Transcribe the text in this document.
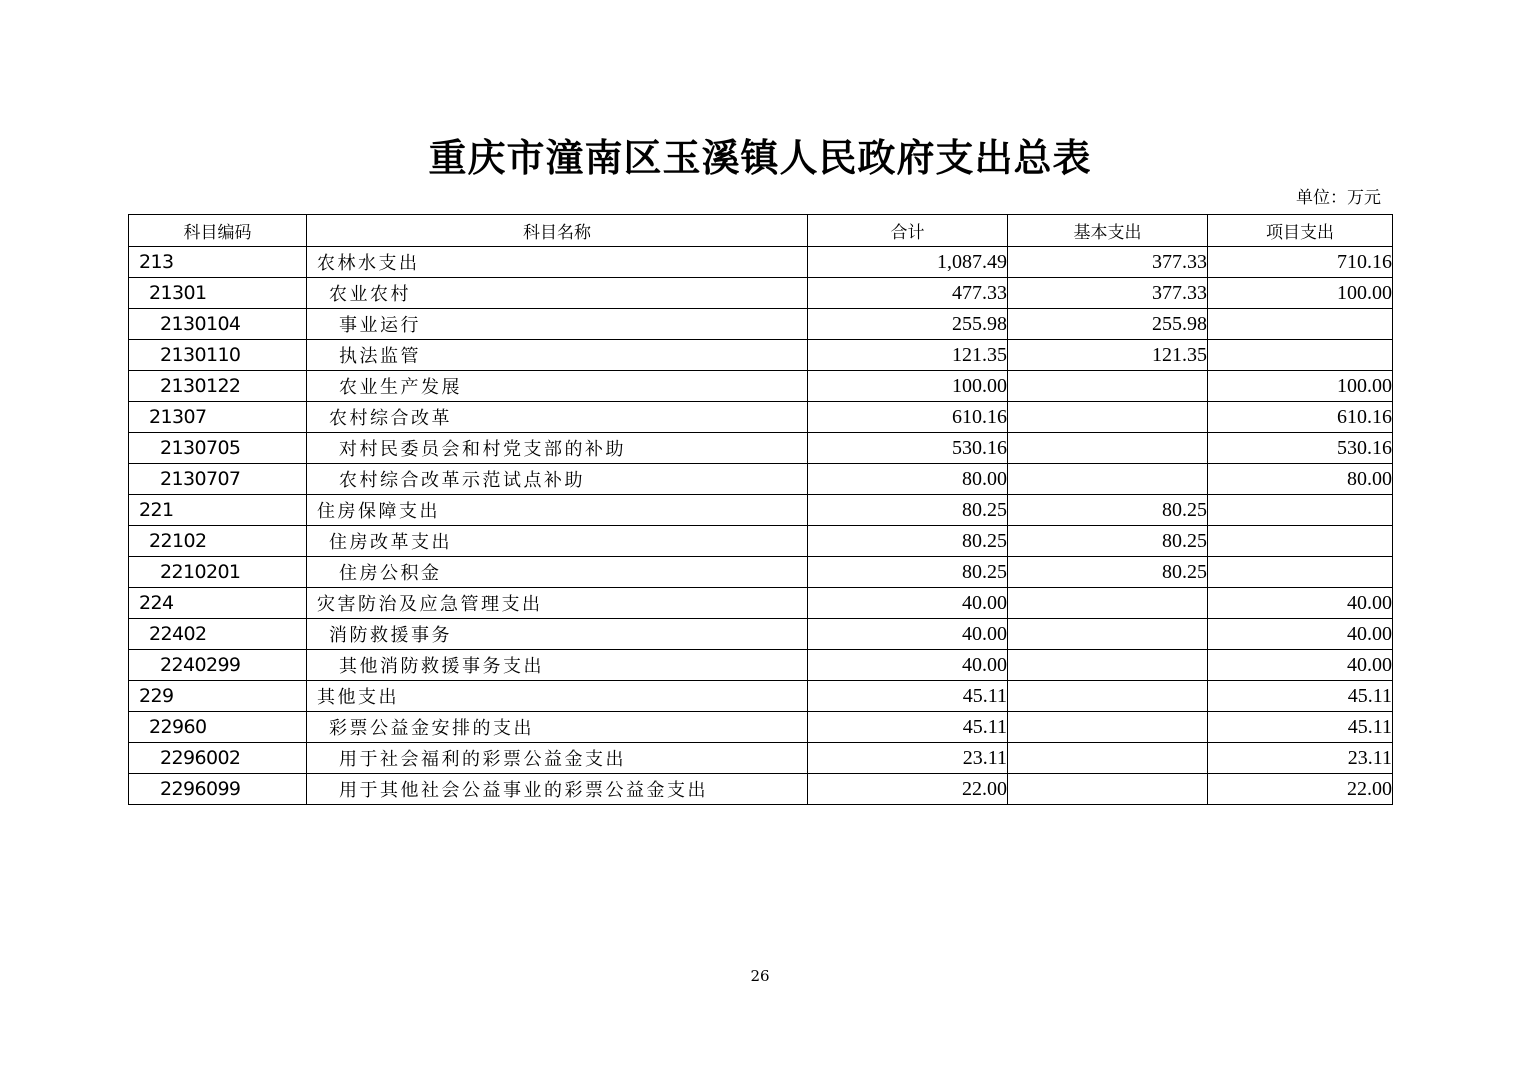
重庆市潼南区玉溪镇人民政府支出总表
单位：万元
科目编码	科目名称	合计	基本支出	项目支出
213	农林水支出	1,087.49	377.33	710.16
21301	农业农村	477.33	377.33	100.00
2130104	事业运行	255.98	255.98	
2130110	执法监管	121.35	121.35	
2130122	农业生产发展	100.00		100.00
21307	农村综合改革	610.16		610.16
2130705	对村民委员会和村党支部的补助	530.16		530.16
2130707	农村综合改革示范试点补助	80.00		80.00
221	住房保障支出	80.25	80.25	
22102	住房改革支出	80.25	80.25	
2210201	住房公积金	80.25	80.25	
224	灾害防治及应急管理支出	40.00		40.00
22402	消防救援事务	40.00		40.00
2240299	其他消防救援事务支出	40.00		40.00
229	其他支出	45.11		45.11
22960	彩票公益金安排的支出	45.11		45.11
2296002	用于社会福利的彩票公益金支出	23.11		23.11
2296099	用于其他社会公益事业的彩票公益金支出	22.00		22.00
26
